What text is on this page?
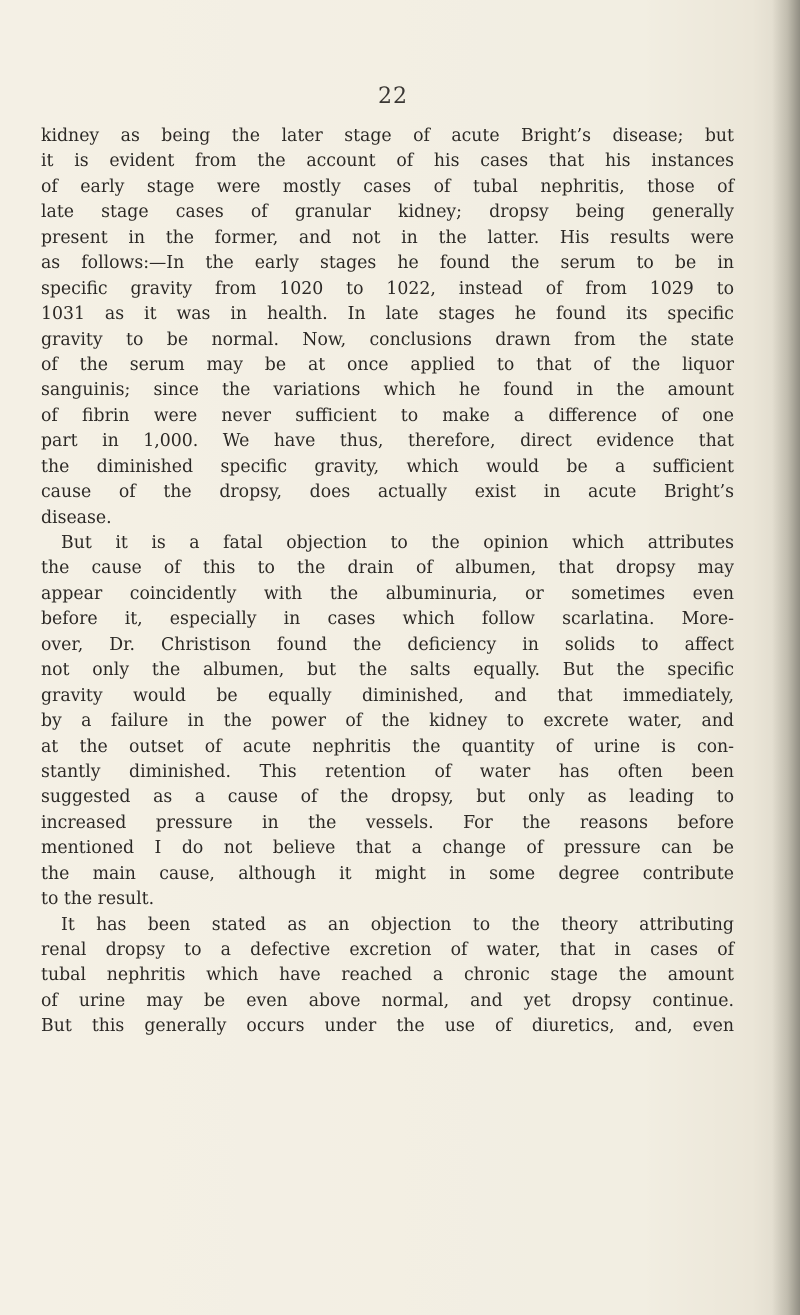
22
kidney as being the later stage of acute Bright’s disease; but
it is evident from the account of his cases that his instances
of early stage were mostly cases of tubal nephritis, those of
late stage cases of granular kidney; dropsy being generally
present in the former, and not in the latter. His results were
as follows:—In the early stages he found the serum to be in
specific gravity from 1020 to 1022, instead of from 1029 to
1031 as it was in health. In late stages he found its specific
gravity to be normal. Now, conclusions drawn from the state
of the serum may be at once applied to that of the liquor
sanguinis; since the variations which he found in the amount
of fibrin were never sufficient to make a difference of one
part in 1,000. We have thus, therefore, direct evidence that
the diminished specific gravity, which would be a sufficient
cause of the dropsy, does actually exist in acute Bright’s
disease.
But it is a fatal objection to the opinion which attributes
the cause of this to the drain of albumen, that dropsy may
appear coincidently with the albuminuria, or sometimes even
before it, especially in cases which follow scarlatina. More-
over, Dr. Christison found the deficiency in solids to affect
not only the albumen, but the salts equally. But the specific
gravity would be equally diminished, and that immediately,
by a failure in the power of the kidney to excrete water, and
at the outset of acute nephritis the quantity of urine is con-
stantly diminished. This retention of water has often been
suggested as a cause of the dropsy, but only as leading to
increased pressure in the vessels. For the reasons before
mentioned I do not believe that a change of pressure can be
the main cause, although it might in some degree contribute
to the result.
It has been stated as an objection to the theory attributing
renal dropsy to a defective excretion of water, that in cases of
tubal nephritis which have reached a chronic stage the amount
of urine may be even above normal, and yet dropsy continue.
But this generally occurs under the use of diuretics, and, even
